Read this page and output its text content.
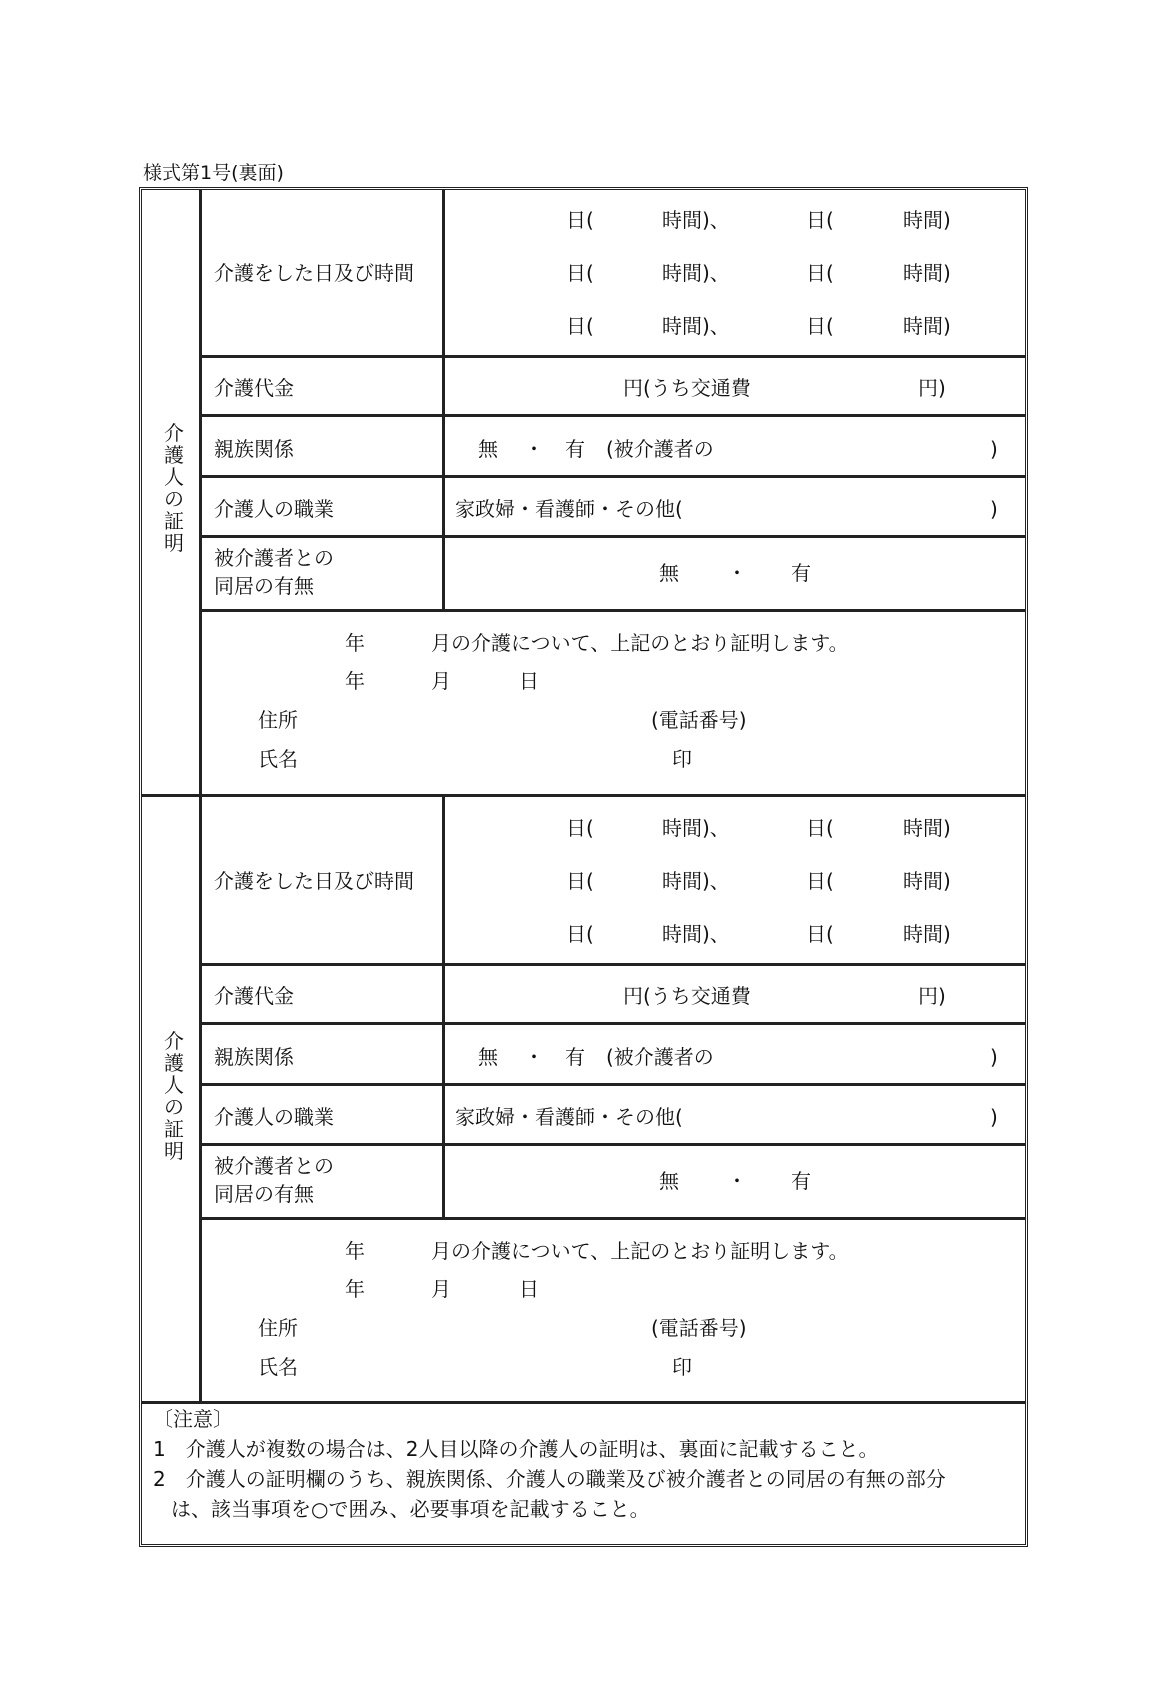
様式第1号(裏面)
介
護
人
の
証
明
介護をした日及び時間
日(	時間)、	日(	時間)
日(	時間)、	日(	時間)
日(	時間)、	日(	時間)
介護代金	円(うち交通費	円)
親族関係	無 ・ 有 (被介護者の	)
介護人の職業	家政婦・看護師・その他(	)
被介護者との
同居の有無
無 ・ 有
年	月の介護について、上記のとおり証明します。
年	月	日
住所	(電話番号)
氏名	印
介
護
人
の
証
明
介護をした日及び時間
日(	時間)、	日(	時間)
日(	時間)、	日(	時間)
日(	時間)、	日(	時間)
介護代金	円(うち交通費	円)
親族関係	無 ・ 有 (被介護者の	)
介護人の職業	家政婦・看護師・その他(	)
被介護者との
同居の有無
無 ・ 有
年	月の介護について、上記のとおり証明します。
年	月	日
住所	(電話番号)
氏名	印
〔注意〕
1　介護人が複数の場合は、2人目以降の介護人の証明は、裏面に記載すること。
2　介護人の証明欄のうち、親族関係、介護人の職業及び被介護者との同居の有無の部分
は、該当事項を○で囲み、必要事項を記載すること。
